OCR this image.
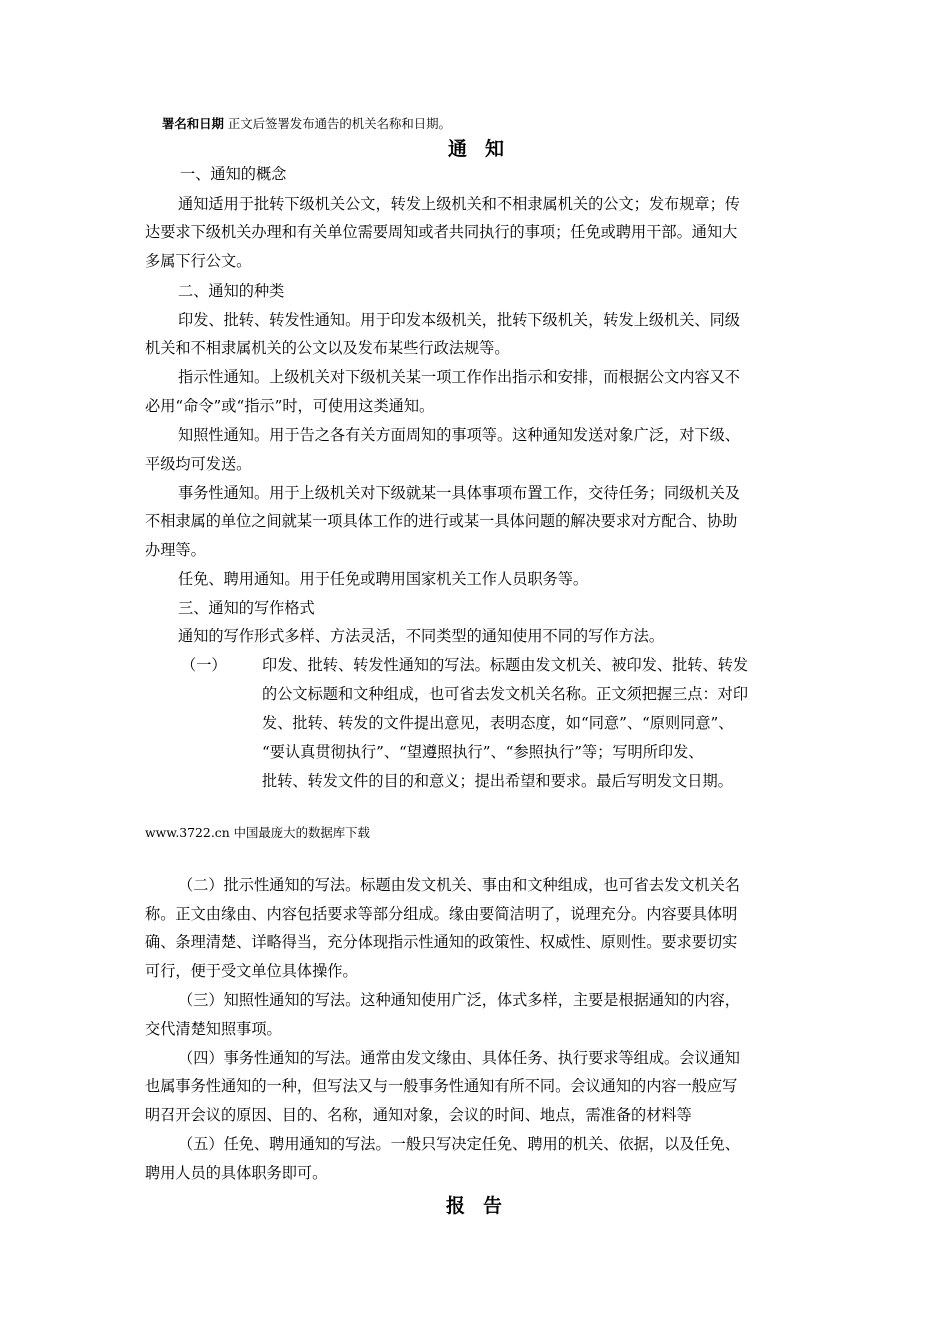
署名和日期 正文后签署发布通告的机关名称和日期。
通知
一、通知的概念
通知适用于批转下级机关公文，转发上级机关和不相隶属机关的公文；发布规章；传
达要求下级机关办理和有关单位需要周知或者共同执行的事项；任免或聘用干部。通知大
多属下行公文。
二、通知的种类
印发、批转、转发性通知。用于印发本级机关，批转下级机关，转发上级机关、同级
机关和不相隶属机关的公文以及发布某些行政法规等。
指示性通知。上级机关对下级机关某一项工作作出指示和安排，而根据公文内容又不
必用“命令”或“指示”时，可使用这类通知。
知照性通知。用于告之各有关方面周知的事项等。这种通知发送对象广泛，对下级、
平级均可发送。
事务性通知。用于上级机关对下级就某一具体事项布置工作，交待任务；同级机关及
不相隶属的单位之间就某一项具体工作的进行或某一具体问题的解决要求对方配合、协助
办理等。
任免、聘用通知。用于任免或聘用国家机关工作人员职务等。
三、通知的写作格式
通知的写作形式多样、方法灵活，不同类型的通知使用不同的写作方法。
（一） 印发、批转、转发性通知的写法。标题由发文机关、被印发、批转、转发
的公文标题和文种组成，也可省去发文机关名称。正文须把握三点：对印
发、批转、转发的文件提出意见，表明态度，如“同意”、“原则同意”、
“要认真贯彻执行”、“望遵照执行”、“参照执行”等；写明所印发、
批转、转发文件的目的和意义；提出希望和要求。最后写明发文日期。
www.3722.cn 中国最庞大的数据库下载
（二）批示性通知的写法。标题由发文机关、事由和文种组成，也可省去发文机关名
称。正文由缘由、内容包括要求等部分组成。缘由要简洁明了，说理充分。内容要具体明
确、条理清楚、详略得当，充分体现指示性通知的政策性、权威性、原则性。要求要切实
可行，便于受文单位具体操作。
（三）知照性通知的写法。这种通知使用广泛，体式多样，主要是根据通知的内容，
交代清楚知照事项。
（四）事务性通知的写法。通常由发文缘由、具体任务、执行要求等组成。会议通知
也属事务性通知的一种，但写法又与一般事务性通知有所不同。会议通知的内容一般应写
明召开会议的原因、目的、名称，通知对象，会议的时间、地点，需准备的材料等
（五）任免、聘用通知的写法。一般只写决定任免、聘用的机关、依据，以及任免、
聘用人员的具体职务即可。
报告
